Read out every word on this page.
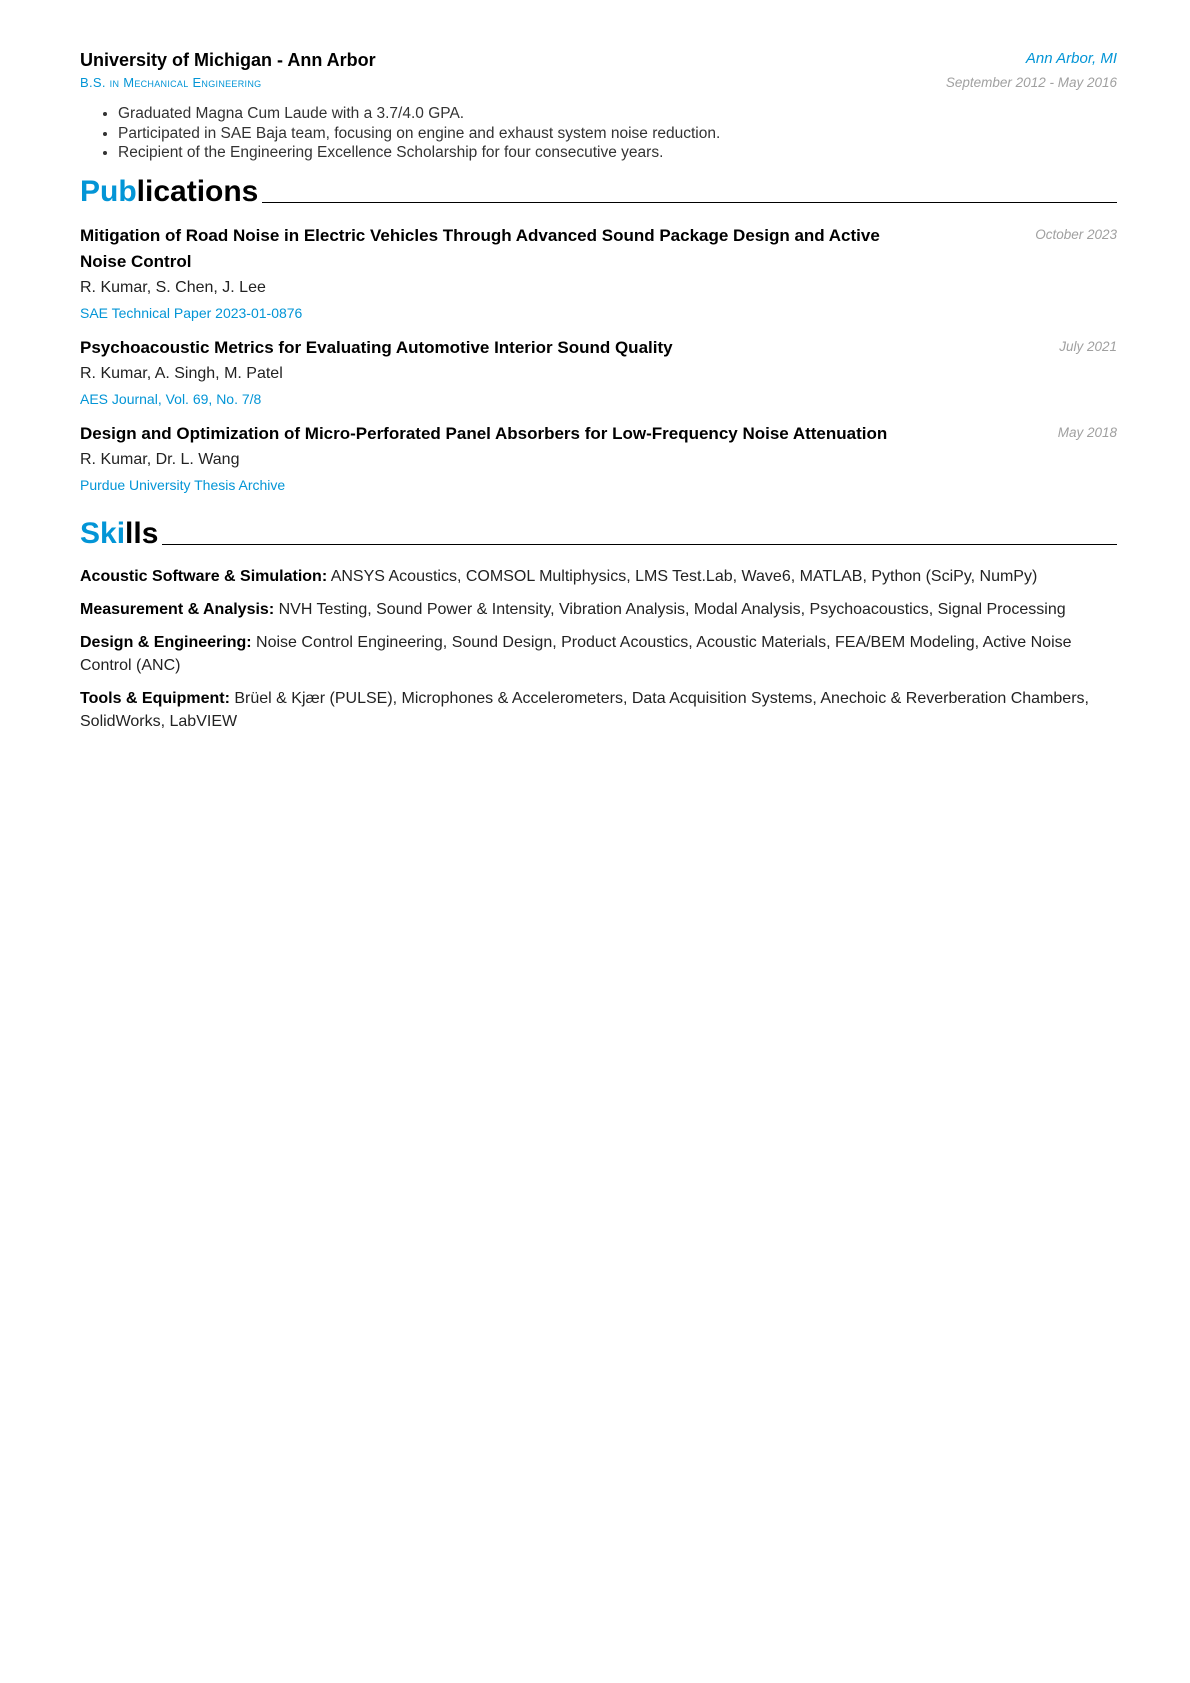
University of Michigan - Ann Arbor	Ann Arbor, MI
B.S. in Mechanical Engineering	September 2012 - May 2016
• Graduated Magna Cum Laude with a 3.7/4.0 GPA.
• Participated in SAE Baja team, focusing on engine and exhaust system noise reduction.
• Recipient of the Engineering Excellence Scholarship for four consecutive years.
Publications
Mitigation of Road Noise in Electric Vehicles Through Advanced Sound Package Design and Active Noise Control
October 2023
R. Kumar, S. Chen, J. Lee
SAE Technical Paper 2023-01-0876
Psychoacoustic Metrics for Evaluating Automotive Interior Sound Quality	July 2021
R. Kumar, A. Singh, M. Patel
AES Journal, Vol. 69, No. 7/8
Design and Optimization of Micro-Perforated Panel Absorbers for Low-Frequency Noise Attenuation	May 2018
R. Kumar, Dr. L. Wang
Purdue University Thesis Archive
Skills
Acoustic Software & Simulation: ANSYS Acoustics, COMSOL Multiphysics, LMS Test.Lab, Wave6, MATLAB, Python (SciPy, NumPy)
Measurement & Analysis: NVH Testing, Sound Power & Intensity, Vibration Analysis, Modal Analysis, Psychoacoustics, Signal Processing
Design & Engineering: Noise Control Engineering, Sound Design, Product Acoustics, Acoustic Materials, FEA/BEM Modeling, Active Noise Control (ANC)
Tools & Equipment: Brüel & Kjær (PULSE), Microphones & Accelerometers, Data Acquisition Systems, Anechoic & Reverberation Chambers, SolidWorks, LabVIEW
